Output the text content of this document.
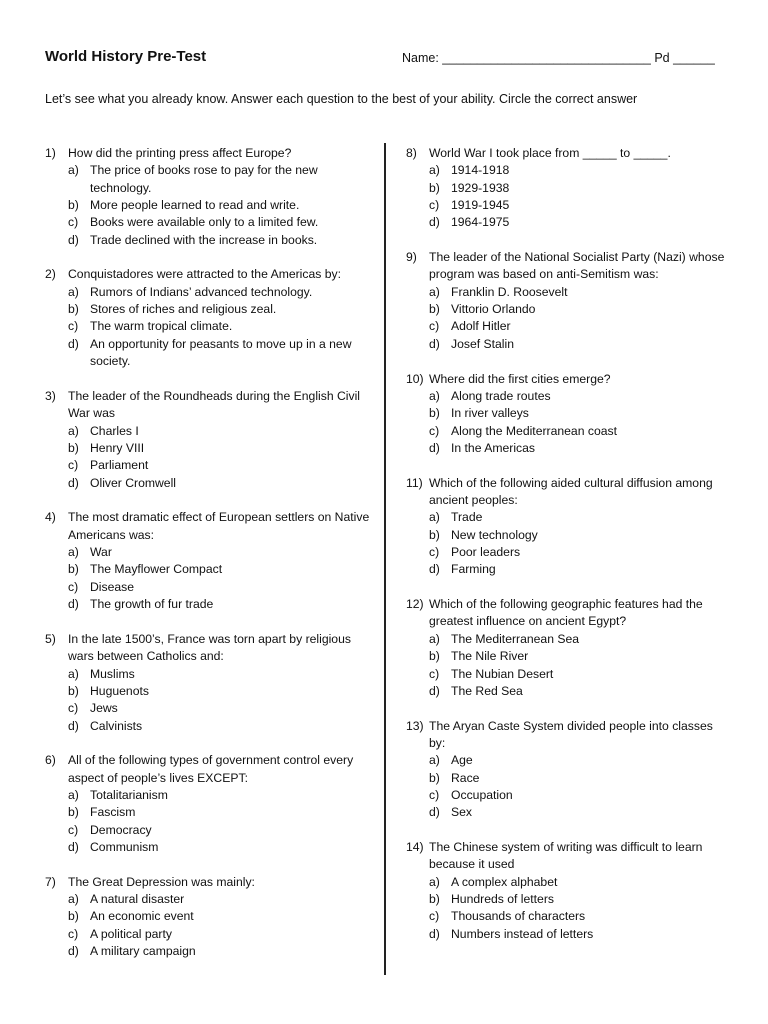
World History Pre-Test	Name: ______________________________ Pd ______
Let’s see what you already know. Answer each question to the best of your ability. Circle the correct answer
1) How did the printing press affect Europe?
a) The price of books rose to pay for the new technology.
b) More people learned to read and write.
c) Books were available only to a limited few.
d) Trade declined with the increase in books.
2) Conquistadores were attracted to the Americas by:
a) Rumors of Indians’ advanced technology.
b) Stores of riches and religious zeal.
c) The warm tropical climate.
d) An opportunity for peasants to move up in a new society.
3) The leader of the Roundheads during the English Civil War was
a) Charles I
b) Henry VIII
c) Parliament
d) Oliver Cromwell
4) The most dramatic effect of European settlers on Native Americans was:
a) War
b) The Mayflower Compact
c) Disease
d) The growth of fur trade
5) In the late 1500’s, France was torn apart by religious wars between Catholics and:
a) Muslims
b) Huguenots
c) Jews
d) Calvinists
6) All of the following types of government control every aspect of people’s lives EXCEPT:
a) Totalitarianism
b) Fascism
c) Democracy
d) Communism
7) The Great Depression was mainly:
a) A natural disaster
b) An economic event
c) A political party
d) A military campaign
8) World War I took place from _____ to _____.
a) 1914-1918
b) 1929-1938
c) 1919-1945
d) 1964-1975
9) The leader of the National Socialist Party (Nazi) whose program was based on anti-Semitism was:
a) Franklin D. Roosevelt
b) Vittorio Orlando
c) Adolf Hitler
d) Josef Stalin
10) Where did the first cities emerge?
a) Along trade routes
b) In river valleys
c) Along the Mediterranean coast
d) In the Americas
11) Which of the following aided cultural diffusion among ancient peoples:
a) Trade
b) New technology
c) Poor leaders
d) Farming
12) Which of the following geographic features had the greatest influence on ancient Egypt?
a) The Mediterranean Sea
b) The Nile River
c) The Nubian Desert
d) The Red Sea
13) The Aryan Caste System divided people into classes by:
a) Age
b) Race
c) Occupation
d) Sex
14) The Chinese system of writing was difficult to learn because it used
a) A complex alphabet
b) Hundreds of letters
c) Thousands of characters
d) Numbers instead of letters
